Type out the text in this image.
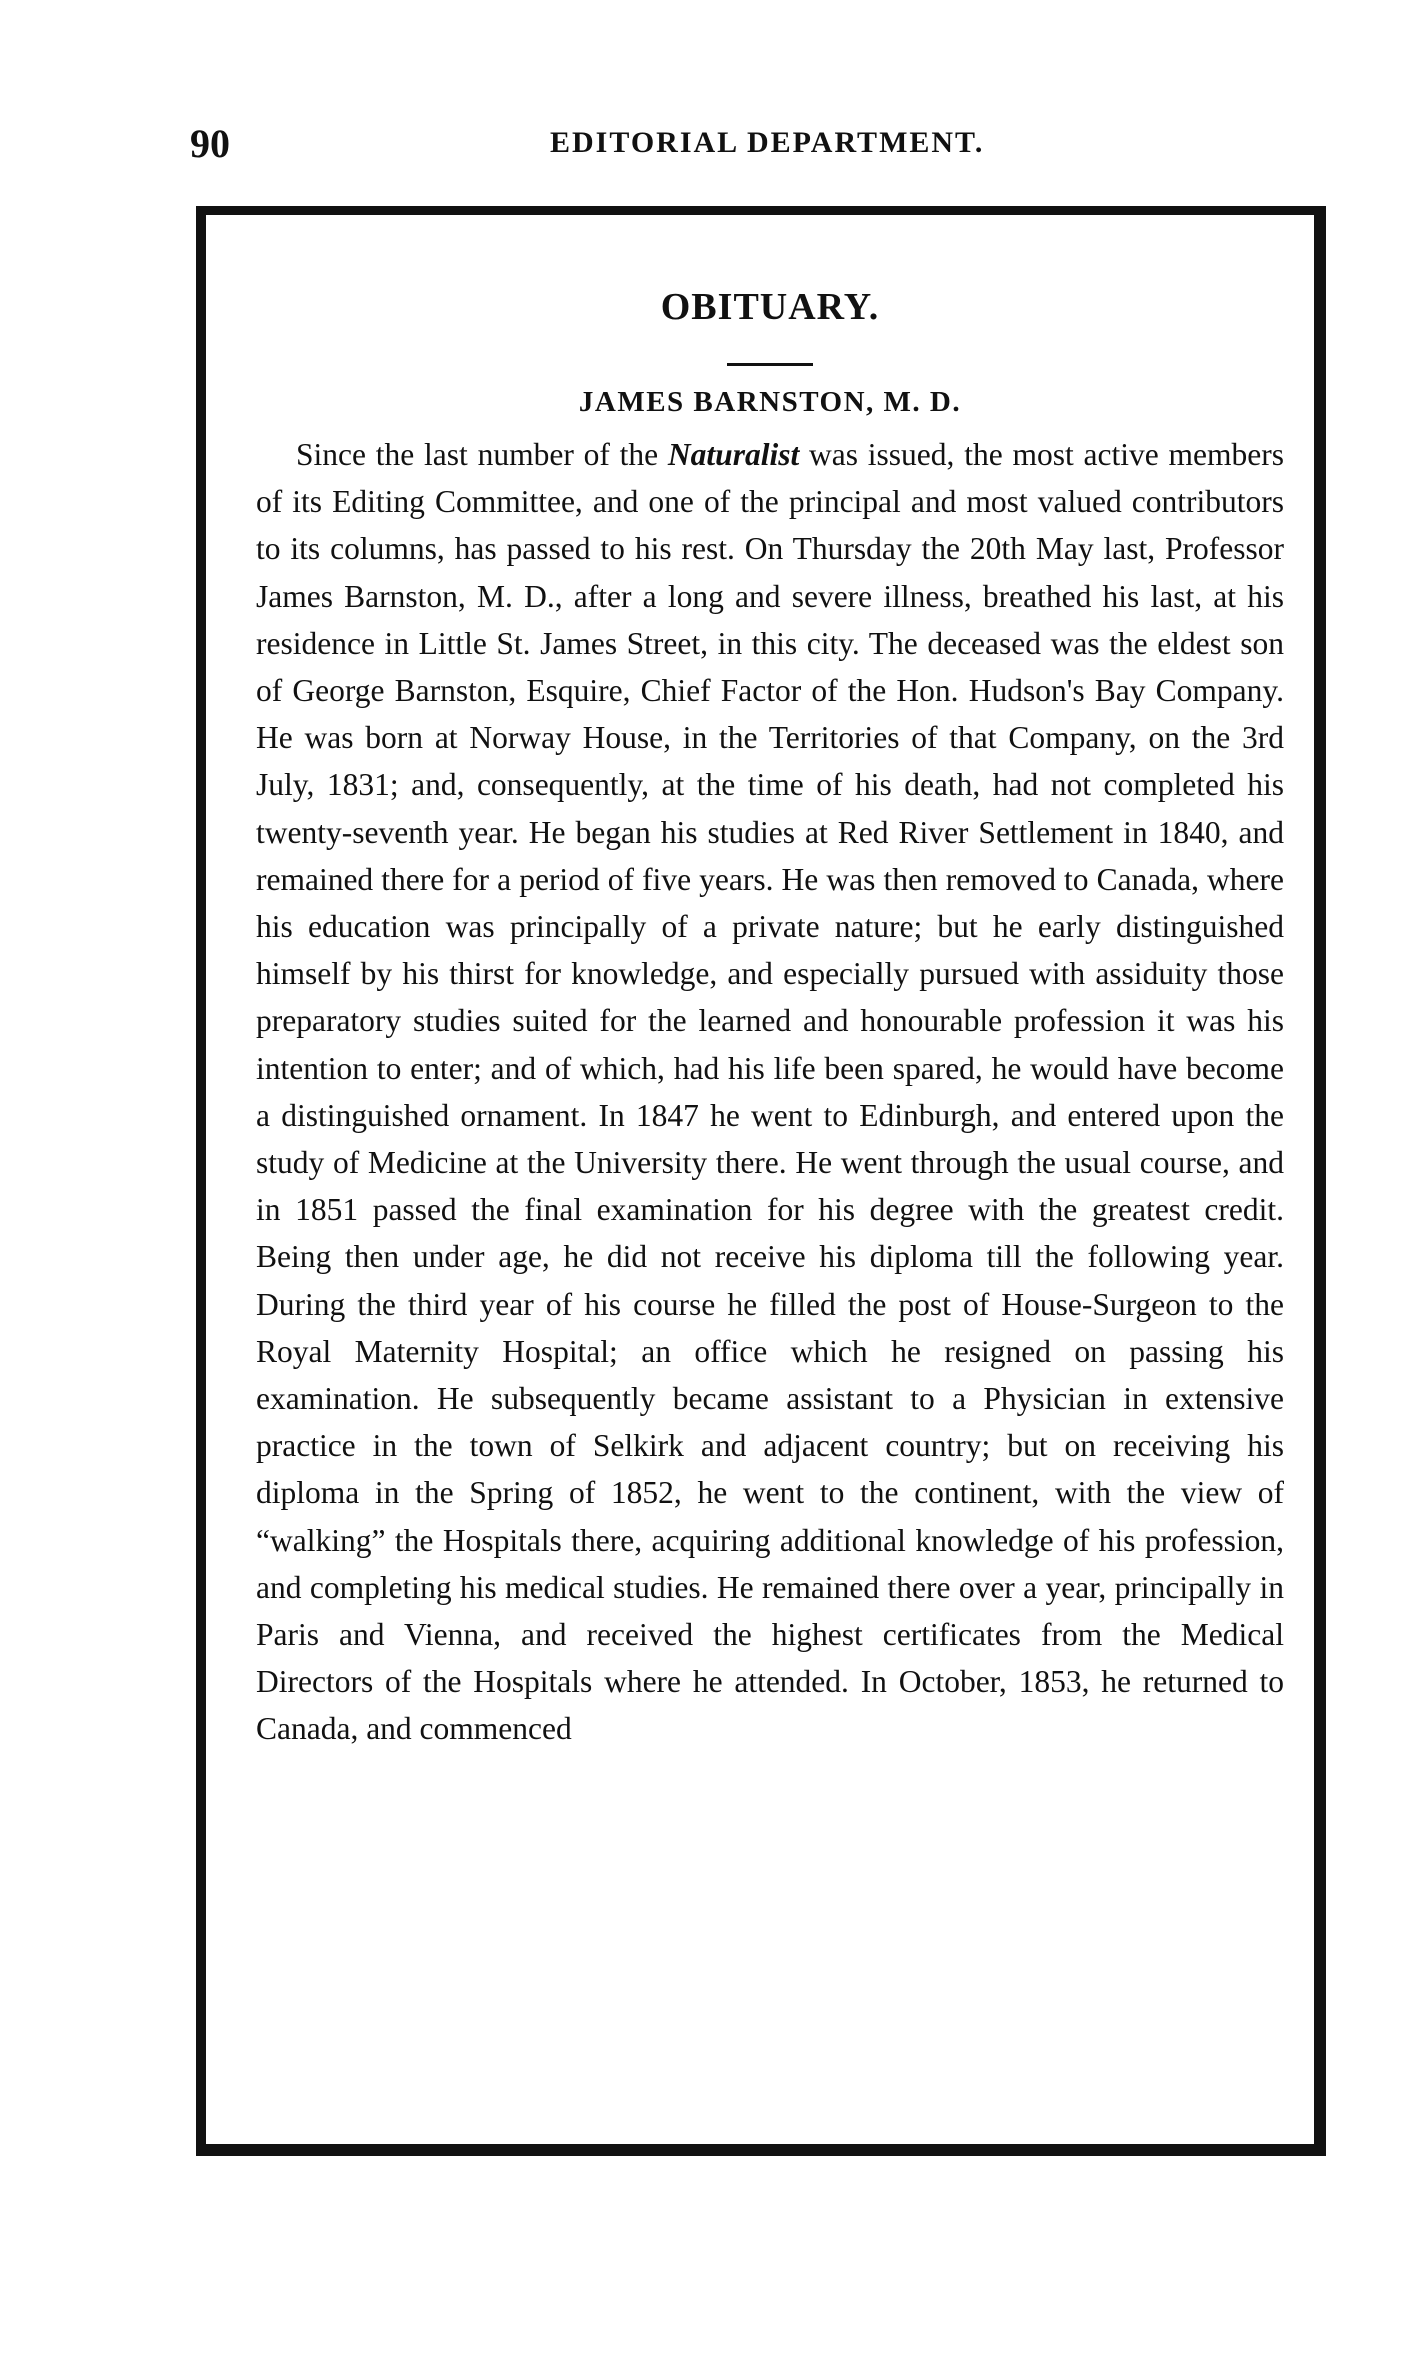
90	EDITORIAL DEPARTMENT.
OBITUARY.
JAMES BARNSTON, M. D.

Since the last number of the Naturalist was issued, the most active members of its Editing Committee, and one of the principal and most valued contributors to its columns, has passed to his rest. On Thursday the 20th May last, Professor James Barnston, M. D., after a long and severe illness, breathed his last, at his residence in Little St. James Street, in this city. The deceased was the eldest son of George Barnston, Esquire, Chief Factor of the Hon. Hudson's Bay Company. He was born at Norway House, in the Territories of that Company, on the 3rd July, 1831; and, consequently, at the time of his death, had not completed his twenty-seventh year. He began his studies at Red River Settlement in 1840, and remained there for a period of five years. He was then removed to Canada, where his education was principally of a private nature; but he early distinguished himself by his thirst for knowledge, and especially pursued with assiduity those preparatory studies suited for the learned and honourable profession it was his intention to enter; and of which, had his life been spared, he would have become a distinguished ornament. In 1847 he went to Edinburgh, and entered upon the study of Medicine at the University there. He went through the usual course, and in 1851 passed the final examination for his degree with the greatest credit. Being then under age, he did not receive his diploma till the following year. During the third year of his course he filled the post of House-Surgeon to the Royal Maternity Hospital; an office which he resigned on passing his examination. He subsequently became assistant to a Physician in extensive practice in the town of Selkirk and adjacent country; but on receiving his diploma in the Spring of 1852, he went to the continent, with the view of “walking” the Hospitals there, acquiring additional knowledge of his profession, and completing his medical studies. He remained there over a year, principally in Paris and Vienna, and received the highest certificates from the Medical Directors of the Hospitals where he attended. In October, 1853, he returned to Canada, and commenced
